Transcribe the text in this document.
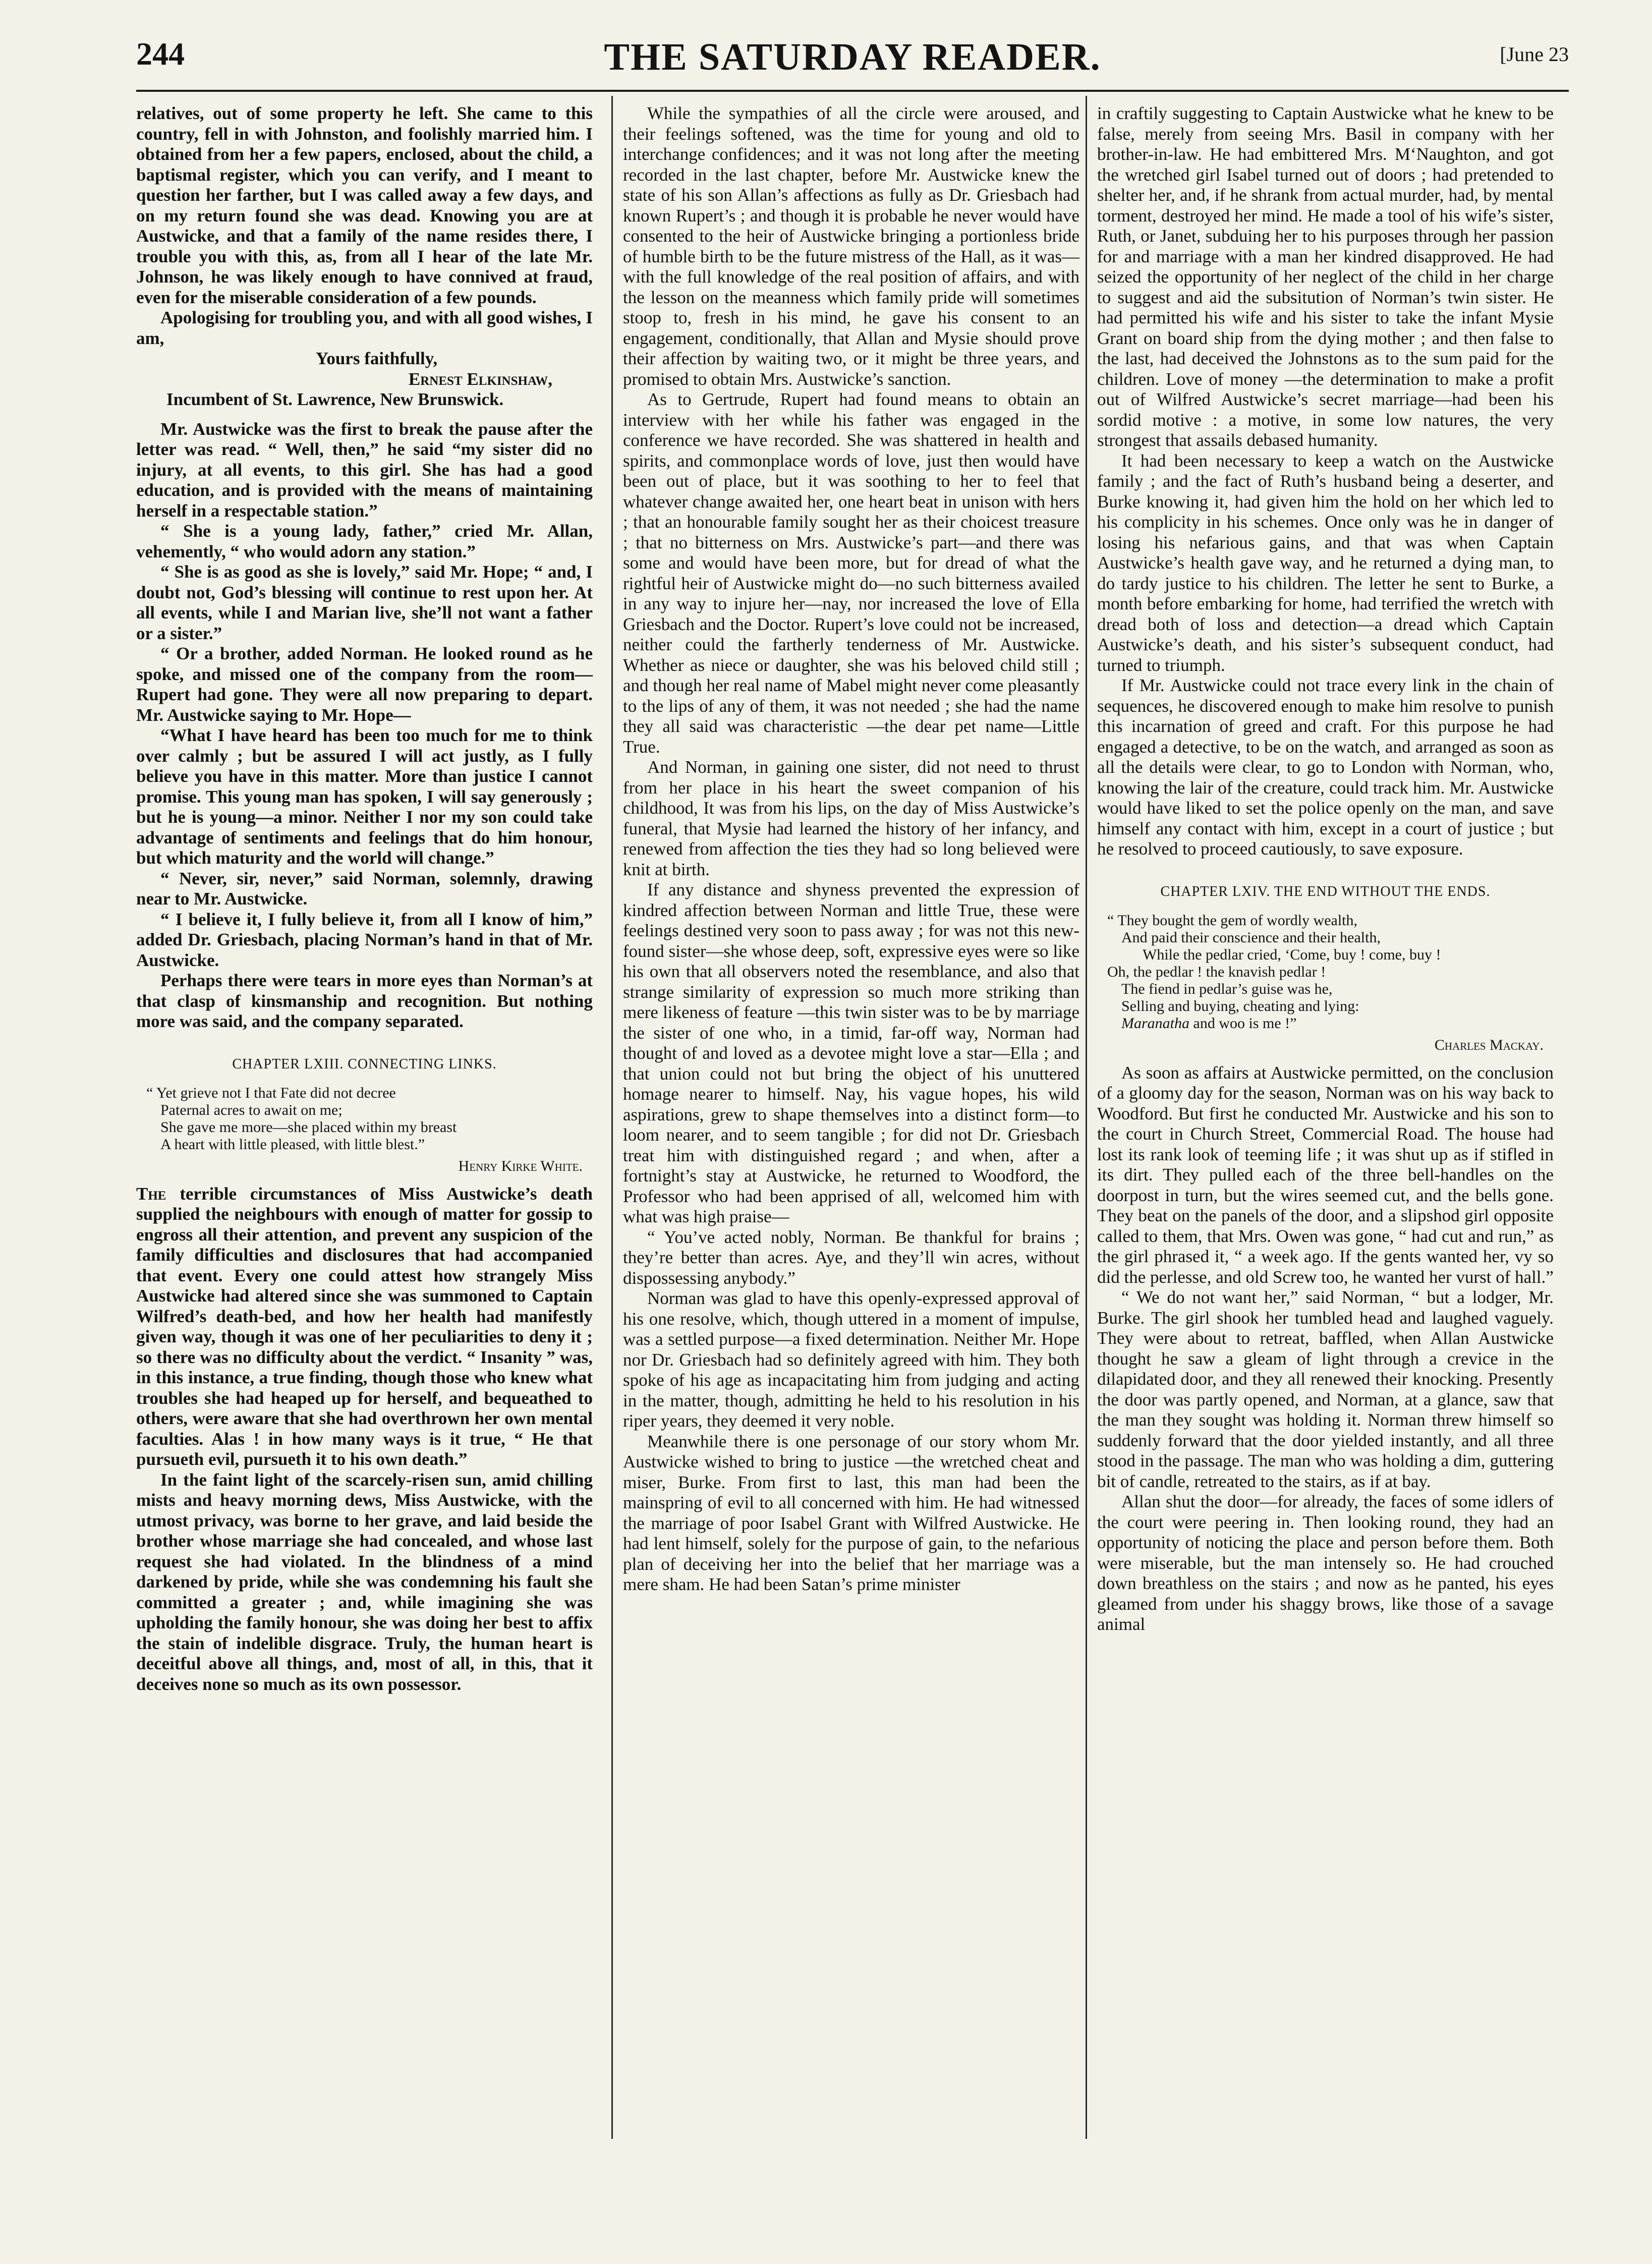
244	THE SATURDAY READER.	[June 23

relatives, out of some property he left. She came to this country, fell in with Johnston, and foolishly married him. I obtained from her a few papers, enclosed, about the child, a baptismal register, which you can verify, and I meant to question her farther, but I was called away a few days, and on my return found she was dead. Knowing you are at Austwicke, and that a family of the name resides there, I trouble you with this, as, from all I hear of the late Mr. Johnson, he was likely enough to have connived at fraud, even for the miserable consideration of a few pounds.

Apologising for troubling you, and with all good wishes, I am,

Yours faithfully,

Ernest Elkinshaw,

Incumbent of St. Lawrence, New Brunswick.

Mr. Austwicke was the first to break the pause after the letter was read. “ Well, then,” he said “my sister did no injury, at all events, to this girl. She has had a good education, and is provided with the means of maintaining herself in a respectable station.”

“ She is a young lady, father,” cried Mr. Allan, vehemently, “ who would adorn any station.”

“ She is as good as she is lovely,” said Mr. Hope; “ and, I doubt not, God’s blessing will continue to rest upon her. At all events, while I and Marian live, she’ll not want a father or a sister.”

“ Or a brother, added Norman. He looked round as he spoke, and missed one of the company from the room—Rupert had gone. They were all now preparing to depart. Mr. Austwicke saying to Mr. Hope—

“What I have heard has been too much for me to think over calmly ; but be assured I will act justly, as I fully believe you have in this matter. More than justice I cannot promise. This young man has spoken, I will say generously ; but he is young—a minor. Neither I nor my son could take advantage of sentiments and feelings that do him honour, but which maturity and the world will change.”

“ Never, sir, never,” said Norman, solemnly, drawing near to Mr. Austwicke.

“ I believe it, I fully believe it, from all I know of him,” added Dr. Griesbach, placing Norman’s hand in that of Mr. Austwicke.

Perhaps there were tears in more eyes than Norman’s at that clasp of kinsmanship and recognition. But nothing more was said, and the company separated.

CHAPTER LXIII. CONNECTING LINKS.
“ Yet grieve not I that Fate did not decree
Paternal acres to await on me;
She gave me more—she placed within my breast
A heart with little pleased, with little blest.”
Henry Kirke White.

The terrible circumstances of Miss Austwicke’s death supplied the neighbours with enough of matter for gossip to engross all their attention, and prevent any suspicion of the family difficulties and disclosures that had accompanied that event. Every one could attest how strangely Miss Austwicke had altered since she was summoned to Captain Wilfred’s death-bed, and how her health had manifestly given way, though it was one of her peculiarities to deny it ; so there was no difficulty about the verdict. “ Insanity ” was, in this instance, a true finding, though those who knew what troubles she had heaped up for herself, and bequeathed to others, were aware that she had overthrown her own mental faculties. Alas ! in how many ways is it true, “ He that pursueth evil, pursueth it to his own death.”

In the faint light of the scarcely-risen sun, amid chilling mists and heavy morning dews, Miss Austwicke, with the utmost privacy, was borne to her grave, and laid beside the brother whose marriage she had concealed, and whose last request she had violated. In the blindness of a mind darkened by pride, while she was condemning his fault she committed a greater ; and, while imagining she was upholding the family honour, she was doing her best to affix the stain of indelible disgrace. Truly, the human heart is deceitful above all things, and, most of all, in this, that it deceives none so much as its own possessor.

While the sympathies of all the circle were aroused, and their feelings softened, was the time for young and old to interchange confidences; and it was not long after the meeting recorded in the last chapter, before Mr. Austwicke knew the state of his son Allan’s affections as fully as Dr. Griesbach had known Rupert’s ; and though it is probable he never would have consented to the heir of Austwicke bringing a portionless bride of humble birth to be the future mistress of the Hall, as it was—with the full knowledge of the real position of affairs, and with the lesson on the meanness which family pride will sometimes stoop to, fresh in his mind, he gave his consent to an engagement, conditionally, that Allan and Mysie should prove their affection by waiting two, or it might be three years, and promised to obtain Mrs. Austwicke’s sanction.

As to Gertrude, Rupert had found means to obtain an interview with her while his father was engaged in the conference we have recorded. She was shattered in health and spirits, and commonplace words of love, just then would have been out of place, but it was soothing to her to feel that whatever change awaited her, one heart beat in unison with hers ; that an honourable family sought her as their choicest treasure ; that no bitterness on Mrs. Austwicke’s part—and there was some and would have been more, but for dread of what the rightful heir of Austwicke might do—no such bitterness availed in any way to injure her—nay, nor increased the love of Ella Griesbach and the Doctor. Rupert’s love could not be increased, neither could the fartherly tenderness of Mr. Austwicke. Whether as niece or daughter, she was his beloved child still ; and though her real name of Mabel might never come pleasantly to the lips of any of them, it was not needed ; she had the name they all said was characteristic —the dear pet name—Little True.

And Norman, in gaining one sister, did not need to thrust from her place in his heart the sweet companion of his childhood, It was from his lips, on the day of Miss Austwicke’s funeral, that Mysie had learned the history of her infancy, and renewed from affection the ties they had so long believed were knit at birth.

If any distance and shyness prevented the expression of kindred affection between Norman and little True, these were feelings destined very soon to pass away ; for was not this new-found sister—she whose deep, soft, expressive eyes were so like his own that all observers noted the resemblance, and also that strange similarity of expression so much more striking than mere likeness of feature —this twin sister was to be by marriage the sister of one who, in a timid, far-off way, Norman had thought of and loved as a devotee might love a star—Ella ; and that union could not but bring the object of his unuttered homage nearer to himself. Nay, his vague hopes, his wild aspirations, grew to shape themselves into a distinct form—to loom nearer, and to seem tangible ; for did not Dr. Griesbach treat him with distinguished regard ; and when, after a fortnight’s stay at Austwicke, he returned to Woodford, the Professor who had been apprised of all, welcomed him with what was high praise—

“ You’ve acted nobly, Norman. Be thankful for brains ; they’re better than acres. Aye, and they’ll win acres, without dispossessing anybody.”

Norman was glad to have this openly-expressed approval of his one resolve, which, though uttered in a moment of impulse, was a settled purpose—a fixed determination. Neither Mr. Hope nor Dr. Griesbach had so definitely agreed with him. They both spoke of his age as incapacitating him from judging and acting in the matter, though, admitting he held to his resolution in his riper years, they deemed it very noble.

Meanwhile there is one personage of our story whom Mr. Austwicke wished to bring to justice —the wretched cheat and miser, Burke. From first to last, this man had been the mainspring of evil to all concerned with him. He had witnessed the marriage of poor Isabel Grant with Wilfred Austwicke. He had lent himself, solely for the purpose of gain, to the nefarious plan of deceiving her into the belief that her marriage was a mere sham. He had been Satan’s prime minister

in craftily suggesting to Captain Austwicke what he knew to be false, merely from seeing Mrs. Basil in company with her brother-in-law. He had embittered Mrs. M‘Naughton, and got the wretched girl Isabel turned out of doors ; had pretended to shelter her, and, if he shrank from actual murder, had, by mental torment, destroyed her mind. He made a tool of his wife’s sister, Ruth, or Janet, subduing her to his purposes through her passion for and marriage with a man her kindred disapproved. He had seized the opportunity of her neglect of the child in her charge to suggest and aid the subsitution of Norman’s twin sister. He had permitted his wife and his sister to take the infant Mysie Grant on board ship from the dying mother ; and then false to the last, had deceived the Johnstons as to the sum paid for the children. Love of money —the determination to make a profit out of Wilfred Austwicke’s secret marriage—had been his sordid motive : a motive, in some low natures, the very strongest that assails debased humanity.

It had been necessary to keep a watch on the Austwicke family ; and the fact of Ruth’s husband being a deserter, and Burke knowing it, had given him the hold on her which led to his complicity in his schemes. Once only was he in danger of losing his nefarious gains, and that was when Captain Austwicke’s health gave way, and he returned a dying man, to do tardy justice to his children. The letter he sent to Burke, a month before embarking for home, had terrified the wretch with dread both of loss and detection—a dread which Captain Austwicke’s death, and his sister’s subsequent conduct, had turned to triumph.

If Mr. Austwicke could not trace every link in the chain of sequences, he discovered enough to make him resolve to punish this incarnation of greed and craft. For this purpose he had engaged a detective, to be on the watch, and arranged as soon as all the details were clear, to go to London with Norman, who, knowing the lair of the creature, could track him. Mr. Austwicke would have liked to set the police openly on the man, and save himself any contact with him, except in a court of justice ; but he resolved to proceed cautiously, to save exposure.

CHAPTER LXIV. THE END WITHOUT THE ENDS.
“ They bought the gem of wordly wealth,
And paid their conscience and their health,
While the pedlar cried, ‘Come, buy ! come, buy !
Oh, the pedlar ! the knavish pedlar !
The fiend in pedlar’s guise was he,
Selling and buying, cheating and lying:
Maranatha and woo is me !”
Charles Mackay.

As soon as affairs at Austwicke permitted, on the conclusion of a gloomy day for the season, Norman was on his way back to Woodford. But first he conducted Mr. Austwicke and his son to the court in Church Street, Commercial Road. The house had lost its rank look of teeming life ; it was shut up as if stifled in its dirt. They pulled each of the three bell-handles on the doorpost in turn, but the wires seemed cut, and the bells gone. They beat on the panels of the door, and a slipshod girl opposite called to them, that Mrs. Owen was gone, “ had cut and run,” as the girl phrased it, “ a week ago. If the gents wanted her, vy so did the perlesse, and old Screw too, he wanted her vurst of hall.”

“ We do not want her,” said Norman, “ but a lodger, Mr. Burke. The girl shook her tumbled head and laughed vaguely. They were about to retreat, baffled, when Allan Austwicke thought he saw a gleam of light through a crevice in the dilapidated door, and they all renewed their knocking. Presently the door was partly opened, and Norman, at a glance, saw that the man they sought was holding it. Norman threw himself so suddenly forward that the door yielded instantly, and all three stood in the passage. The man who was holding a dim, guttering bit of candle, retreated to the stairs, as if at bay.

Allan shut the door—for already, the faces of some idlers of the court were peering in. Then looking round, they had an opportunity of noticing the place and person before them. Both were miserable, but the man intensely so. He had crouched down breathless on the stairs ; and now as he panted, his eyes gleamed from under his shaggy brows, like those of a savage animal
